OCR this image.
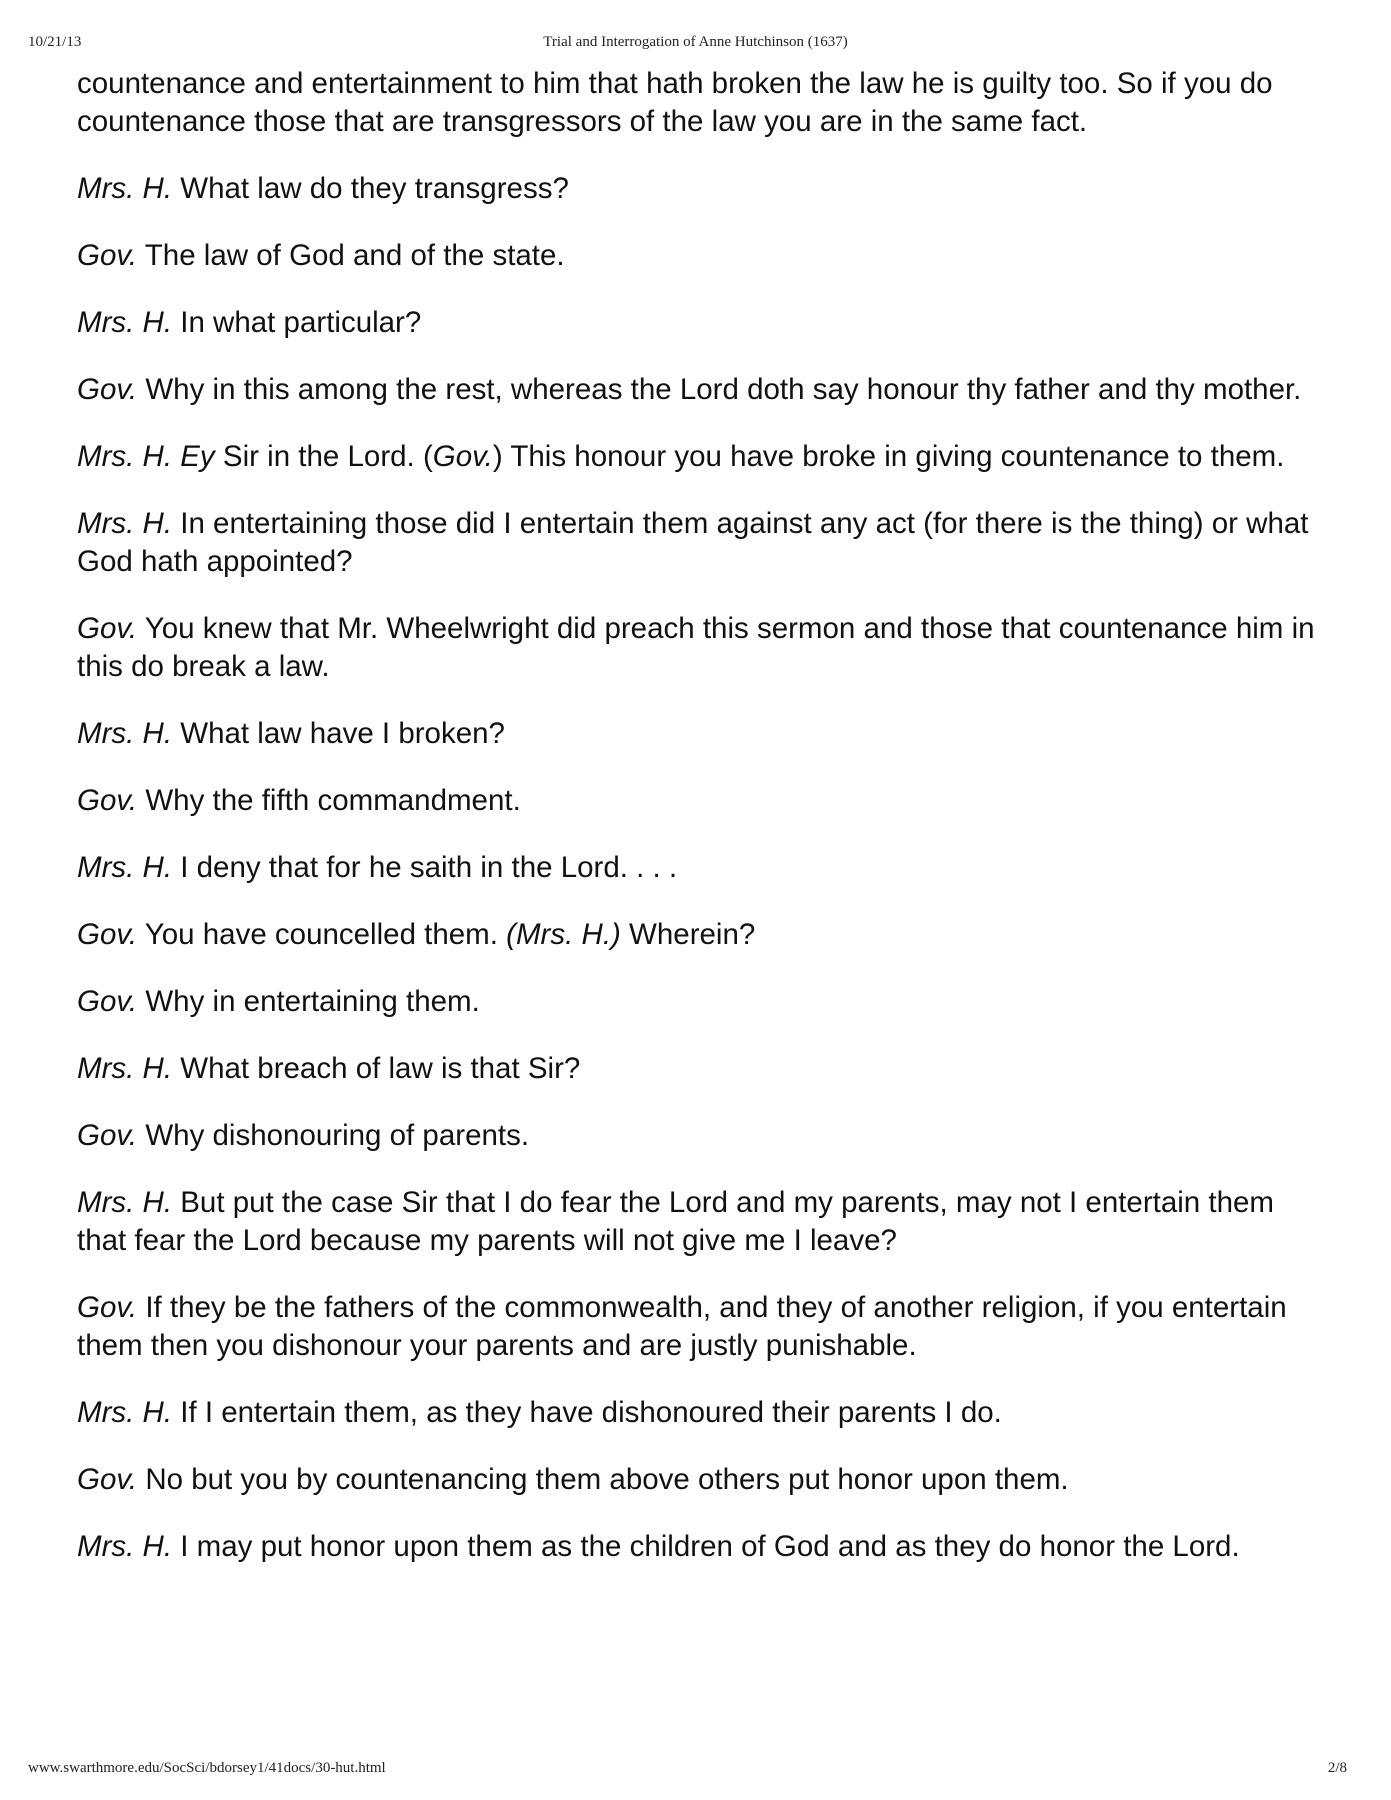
10/21/13	Trial and Interrogation of Anne Hutchinson (1637)

countenance and entertainment to him that hath broken the law he is guilty too. So if you do countenance those that are transgressors of the law you are in the same fact.

Mrs. H. What law do they transgress?

Gov. The law of God and of the state.

Mrs. H. In what particular?

Gov. Why in this among the rest, whereas the Lord doth say honour thy father and thy mother.

Mrs. H. Ey Sir in the Lord. (Gov.) This honour you have broke in giving countenance to them.

Mrs. H. In entertaining those did I entertain them against any act (for there is the thing) or what God hath appointed?

Gov. You knew that Mr. Wheelwright did preach this sermon and those that countenance him in this do break a law.

Mrs. H. What law have I broken?

Gov. Why the fifth commandment.

Mrs. H. I deny that for he saith in the Lord. . . .

Gov. You have councelled them. (Mrs. H.) Wherein?

Gov. Why in entertaining them.

Mrs. H. What breach of law is that Sir?

Gov. Why dishonouring of parents.

Mrs. H. But put the case Sir that I do fear the Lord and my parents, may not I entertain them that fear the Lord because my parents will not give me I leave?

Gov. If they be the fathers of the commonwealth, and they of another religion, if you entertain them then you dishonour your parents and are justly punishable.

Mrs. H. If I entertain them, as they have dishonoured their parents I do.

Gov. No but you by countenancing them above others put honor upon them.

Mrs. H. I may put honor upon them as the children of God and as they do honor the Lord.

www.swarthmore.edu/SocSci/bdorsey1/41docs/30-hut.html	2/8
